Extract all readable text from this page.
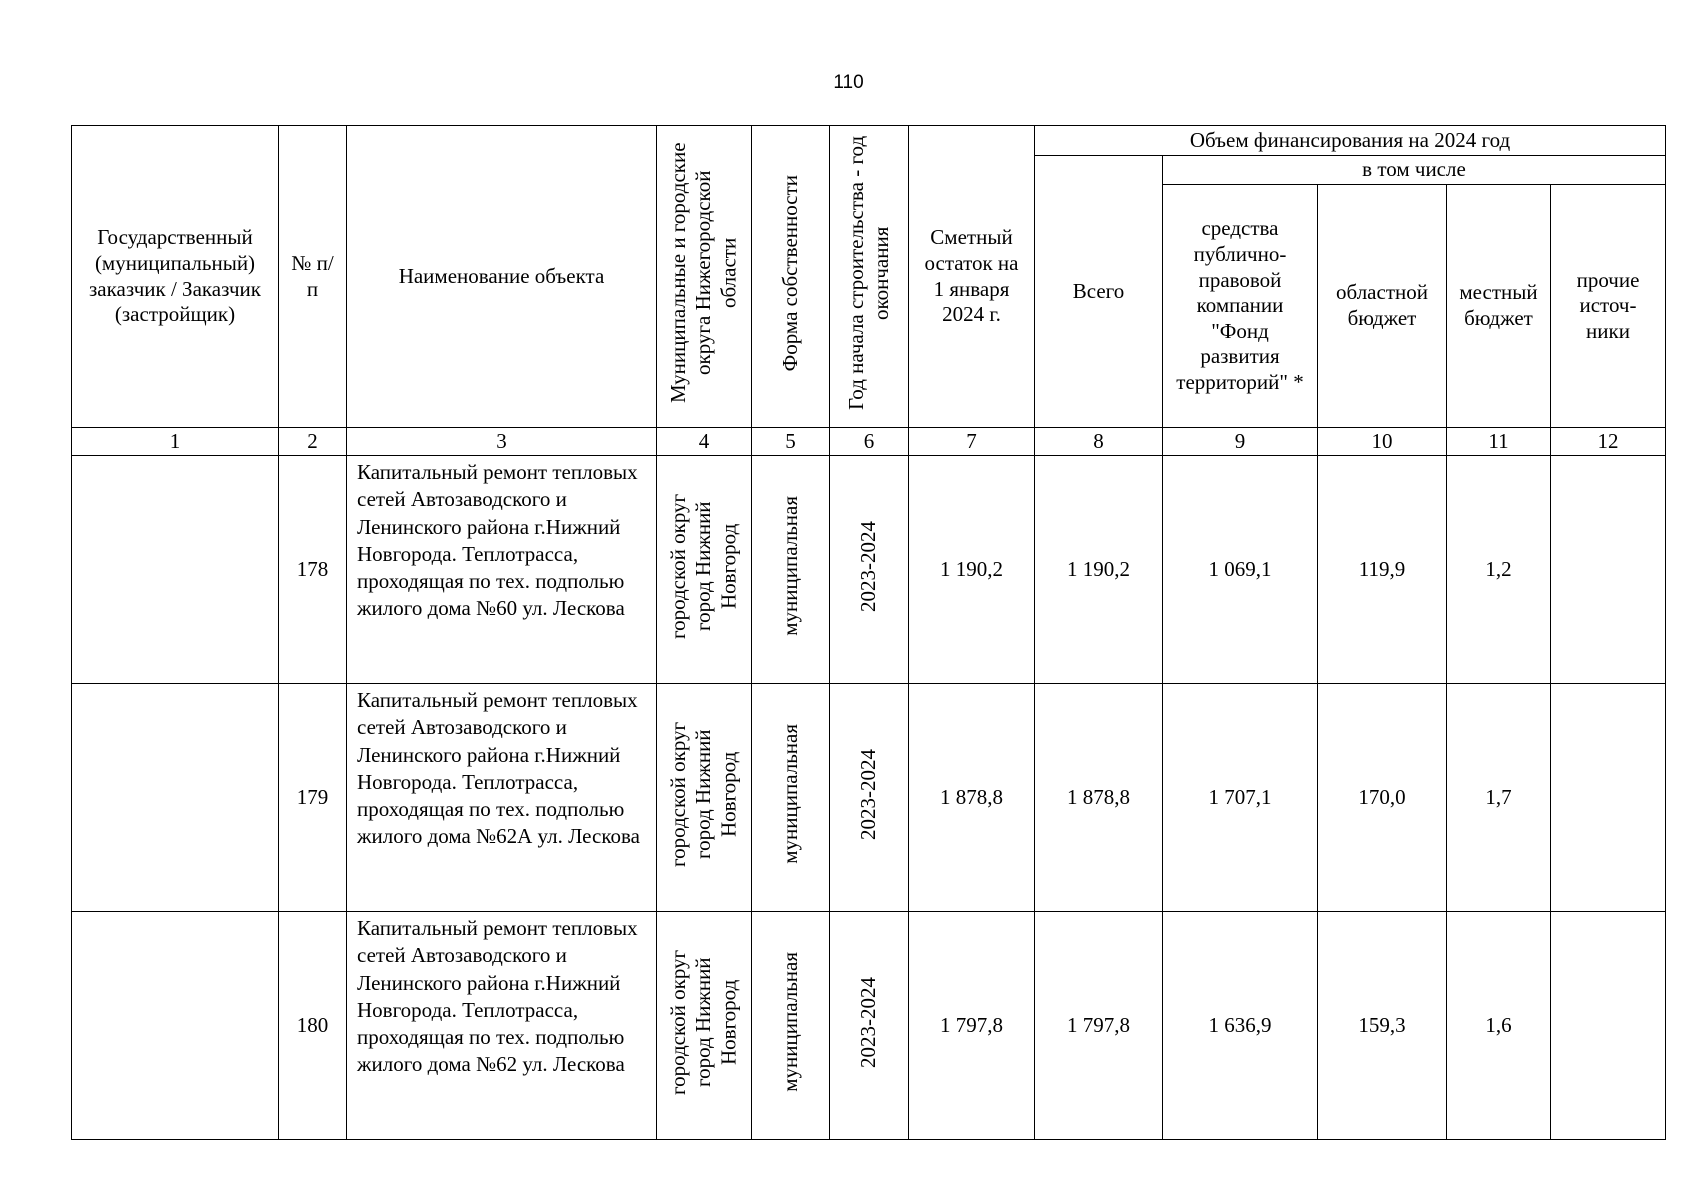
110
Государственный (муниципальный) заказчик / Заказчик (застройщик)	№ п/п	Наименование объекта	Муниципальные и городские округа Нижегородской области	Форма собственности	Год начала строительства - год окончания	Сметный остаток на 1 января 2024 г.	Объем финансирования на 2024 год				
							Всего	в том числе			
								средства публично-правовой компании "Фонд развития территорий" *	областной бюджет	местный бюджет	прочие источ-ники
1	2	3	4	5	6	7	8	9	10	11	12
	178	Капитальный ремонт тепловых сетей Автозаводского и Ленинского района г.Нижний Новгорода. Теплотрасса, проходящая по тех. подполью жилого дома №60 ул. Лескова	городской округ город Нижний Новгород	муниципальная	2023-2024	1 190,2	1 190,2	1 069,1	119,9	1,2	
	179	Капитальный ремонт тепловых сетей Автозаводского и Ленинского района г.Нижний Новгорода. Теплотрасса, проходящая по тех. подполью жилого дома №62А ул. Лескова	городской округ город Нижний Новгород	муниципальная	2023-2024	1 878,8	1 878,8	1 707,1	170,0	1,7	
	180	Капитальный ремонт тепловых сетей Автозаводского и Ленинского района г.Нижний Новгорода. Теплотрасса, проходящая по тех. подполью жилого дома №62 ул. Лескова	городской округ город Нижний Новгород	муниципальная	2023-2024	1 797,8	1 797,8	1 636,9	159,3	1,6	
